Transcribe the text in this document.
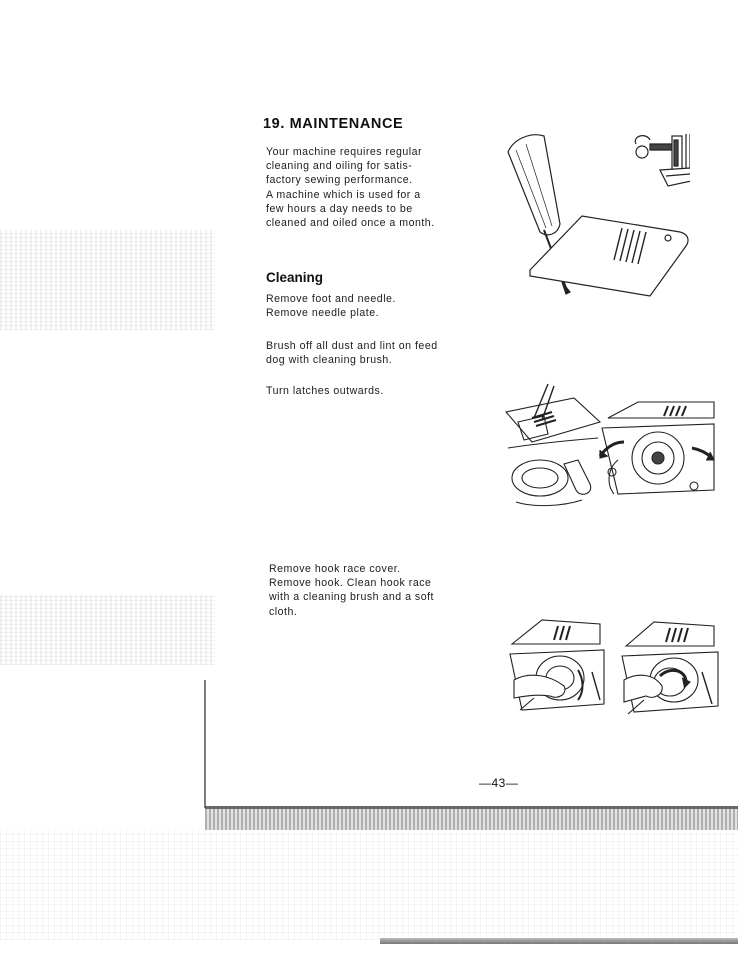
19. MAINTENANCE

Your machine requires regular
cleaning and oiling for satis-
factory sewing performance.
A machine which is used for a
few hours a day needs to be
cleaned and oiled once a month.

Cleaning

Remove foot and needle.
Remove needle plate.

Brush off all dust and lint on feed
dog with cleaning brush.

Turn latches outwards.

Remove hook race cover.
Remove hook. Clean hook race
with a cleaning brush and a soft
cloth.

—43—
